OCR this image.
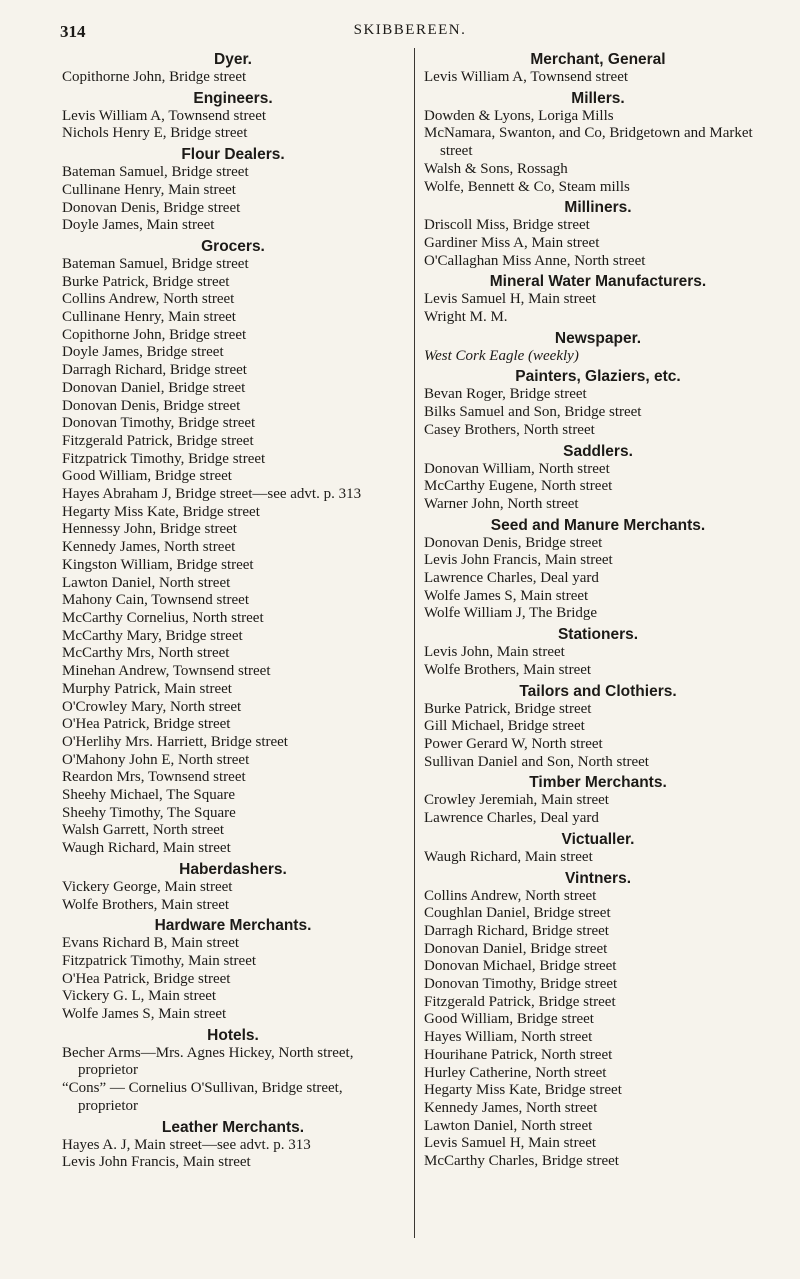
314	SKIBBEREEN.
Dyer.
Copithorne John, Bridge street
Engineers.
Levis William A, Townsend street
Nichols Henry E, Bridge street
Flour Dealers.
Bateman Samuel, Bridge street
Cullinane Henry, Main street
Donovan Denis, Bridge street
Doyle James, Main street
Grocers.
Bateman Samuel, Bridge street
Burke Patrick, Bridge street
Collins Andrew, North street
Cullinane Henry, Main street
Copithorne John, Bridge street
Doyle James, Bridge street
Darragh Richard, Bridge street
Donovan Daniel, Bridge street
Donovan Denis, Bridge street
Donovan Timothy, Bridge street
Fitzgerald Patrick, Bridge street
Fitzpatrick Timothy, Bridge street
Good William, Bridge street
Hayes Abraham J, Bridge street—see advt. p. 313
Hegarty Miss Kate, Bridge street
Hennessy John, Bridge street
Kennedy James, North street
Kingston William, Bridge street
Lawton Daniel, North street
Mahony Cain, Townsend street
McCarthy Cornelius, North street
McCarthy Mary, Bridge street
McCarthy Mrs, North street
Minehan Andrew, Townsend street
Murphy Patrick, Main street
O'Crowley Mary, North street
O'Hea Patrick, Bridge street
O'Herlihy Mrs. Harriett, Bridge street
O'Mahony John E, North street
Reardon Mrs, Townsend street
Sheehy Michael, The Square
Sheehy Timothy, The Square
Walsh Garrett, North street
Waugh Richard, Main street
Haberdashers.
Vickery George, Main street
Wolfe Brothers, Main street
Hardware Merchants.
Evans Richard B, Main street
Fitzpatrick Timothy, Main street
O'Hea Patrick, Bridge street
Vickery G. L, Main street
Wolfe James S, Main street
Hotels.
Becher Arms—Mrs. Agnes Hickey, North street, proprietor
“Cons” — Cornelius O'Sullivan, Bridge street, proprietor
Leather Merchants.
Hayes A. J, Main street—see advt. p. 313
Levis John Francis, Main street
Merchant, General
Levis William A, Townsend street
Millers.
Dowden & Lyons, Loriga Mills
McNamara, Swanton, and Co, Bridgetown and Market street
Walsh & Sons, Rossagh
Wolfe, Bennett & Co, Steam mills
Milliners.
Driscoll Miss, Bridge street
Gardiner Miss A, Main street
O'Callaghan Miss Anne, North street
Mineral Water Manufacturers.
Levis Samuel H, Main street
Wright M. M.
Newspaper.
West Cork Eagle (weekly)
Painters, Glaziers, etc.
Bevan Roger, Bridge street
Bilks Samuel and Son, Bridge street
Casey Brothers, North street
Saddlers.
Donovan William, North street
McCarthy Eugene, North street
Warner John, North street
Seed and Manure Merchants.
Donovan Denis, Bridge street
Levis John Francis, Main street
Lawrence Charles, Deal yard
Wolfe James S, Main street
Wolfe William J, The Bridge
Stationers.
Levis John, Main street
Wolfe Brothers, Main street
Tailors and Clothiers.
Burke Patrick, Bridge street
Gill Michael, Bridge street
Power Gerard W, North street
Sullivan Daniel and Son, North street
Timber Merchants.
Crowley Jeremiah, Main street
Lawrence Charles, Deal yard
Victualler.
Waugh Richard, Main street
Vintners.
Collins Andrew, North street
Coughlan Daniel, Bridge street
Darragh Richard, Bridge street
Donovan Daniel, Bridge street
Donovan Michael, Bridge street
Donovan Timothy, Bridge street
Fitzgerald Patrick, Bridge street
Good William, Bridge street
Hayes William, North street
Hourihane Patrick, North street
Hurley Catherine, North street
Hegarty Miss Kate, Bridge street
Kennedy James, North street
Lawton Daniel, North street
Levis Samuel H, Main street
McCarthy Charles, Bridge street
